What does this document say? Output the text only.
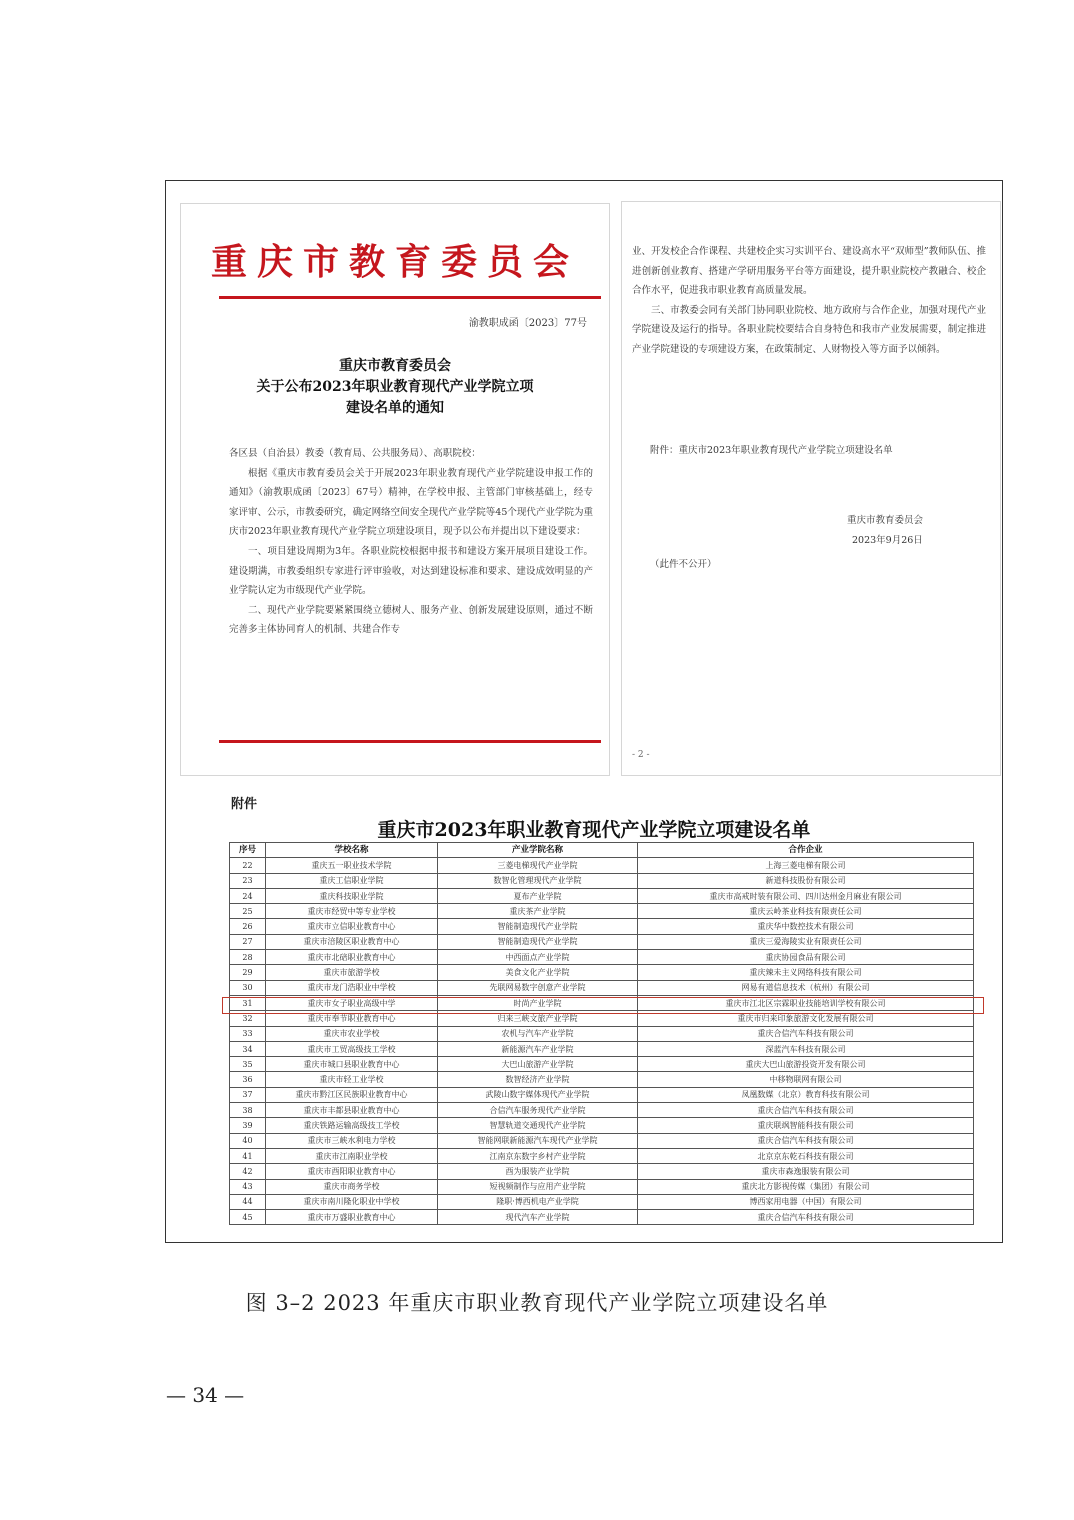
重庆市教育委员会
渝教职成函〔2023〕77号
重庆市教育委员会
关于公布2023年职业教育现代产业学院立项
建设名单的通知

各区县（自治县）教委（教育局、公共服务局）、高职院校：

根据《重庆市教育委员会关于开展2023年职业教育现代产业学院建设申报工作的通知》（渝教职成函〔2023〕67号）精神，在学校申报、主管部门审核基础上，经专家评审、公示，市教委研究，确定网络空间安全现代产业学院等45个现代产业学院为重庆市2023年职业教育现代产业学院立项建设项目，现予以公布并提出以下建设要求：

一、项目建设周期为3年。各职业院校根据申报书和建设方案开展项目建设工作。建设期满，市教委组织专家进行评审验收，对达到建设标准和要求、建设成效明显的产业学院认定为市级现代产业学院。

二、现代产业学院要紧紧围绕立德树人、服务产业、创新发展建设原则，通过不断完善多主体协同育人的机制、共建合作专

业、开发校企合作课程、共建校企实习实训平台、建设高水平“双师型”教师队伍、推进创新创业教育、搭建产学研用服务平台等方面建设，提升职业院校产教融合、校企合作水平，促进我市职业教育高质量发展。

三、市教委会同有关部门协同职业院校、地方政府与合作企业，加强对现代产业学院建设及运行的指导。各职业院校要结合自身特色和我市产业发展需要，制定推进产业学院建设的专项建设方案，在政策制定、人财物投入等方面予以倾斜。

附件：重庆市2023年职业教育现代产业学院立项建设名单
重庆市教育委员会
2023年9月26日
（此件不公开）
- 2 -
附件
重庆市2023年职业教育现代产业学院立项建设名单
序号	学校名称	产业学院名称	合作企业
22	重庆五一职业技术学院	三菱电梯现代产业学院	上海三菱电梯有限公司
23	重庆工信职业学院	数智化管理现代产业学院	新道科技股份有限公司
24	重庆科技职业学院	夏布产业学院	重庆市高戒时装有限公司、四川达州金月麻业有限公司
25	重庆市经贸中等专业学校	重庆茶产业学院	重庆云岭茶业科技有限责任公司
26	重庆市立信职业教育中心	智能制造现代产业学院	重庆华中数控技术有限公司
27	重庆市涪陵区职业教育中心	智能制造现代产业学院	重庆三爱海陵实业有限责任公司
28	重庆市北碚职业教育中心	中西面点产业学院	重庆协园食品有限公司
29	重庆市旅游学校	美食文化产业学院	重庆辣未主义网络科技有限公司
30	重庆市龙门浩职业中学校	先联网易数字创意产业学院	网易有道信息技术（杭州）有限公司
31	重庆市女子职业高级中学	时尚产业学院	重庆市江北区宗霖职业技能培训学校有限公司
32	重庆市奉节职业教育中心	归来三峡文旅产业学院	重庆市归来印象旅游文化发展有限公司
33	重庆市农业学校	农机与汽车产业学院	重庆合信汽车科技有限公司
34	重庆市工贸高级技工学校	新能源汽车产业学院	深蓝汽车科技有限公司
35	重庆市城口县职业教育中心	大巴山旅游产业学院	重庆大巴山旅游投资开发有限公司
36	重庆市轻工业学校	数智经济产业学院	中移物联网有限公司
37	重庆市黔江区民族职业教育中心	武陵山数字媒体现代产业学院	凤凰数媒（北京）教育科技有限公司
38	重庆市丰都县职业教育中心	合信汽车服务现代产业学院	重庆合信汽车科技有限公司
39	重庆铁路运输高级技工学校	智慧轨道交通现代产业学院	重庆联飒智能科技有限公司
40	重庆市三峡水利电力学校	智能网联新能源汽车现代产业学院	重庆合信汽车科技有限公司
41	重庆市江南职业学校	江南京东数字乡村产业学院	北京京东乾石科技有限公司
42	重庆市酉阳职业教育中心	酉为服装产业学院	重庆市森逸服装有限公司
43	重庆市商务学校	短视频制作与应用产业学院	重庆北方影视传媒（集团）有限公司
44	重庆市南川隆化职业中学校	隆职·博西机电产业学院	博西家用电器（中国）有限公司
45	重庆市万盛职业教育中心	现代汽车产业学院	重庆合信汽车科技有限公司
图 3–2 2023 年重庆市职业教育现代产业学院立项建设名单
— 34 —
